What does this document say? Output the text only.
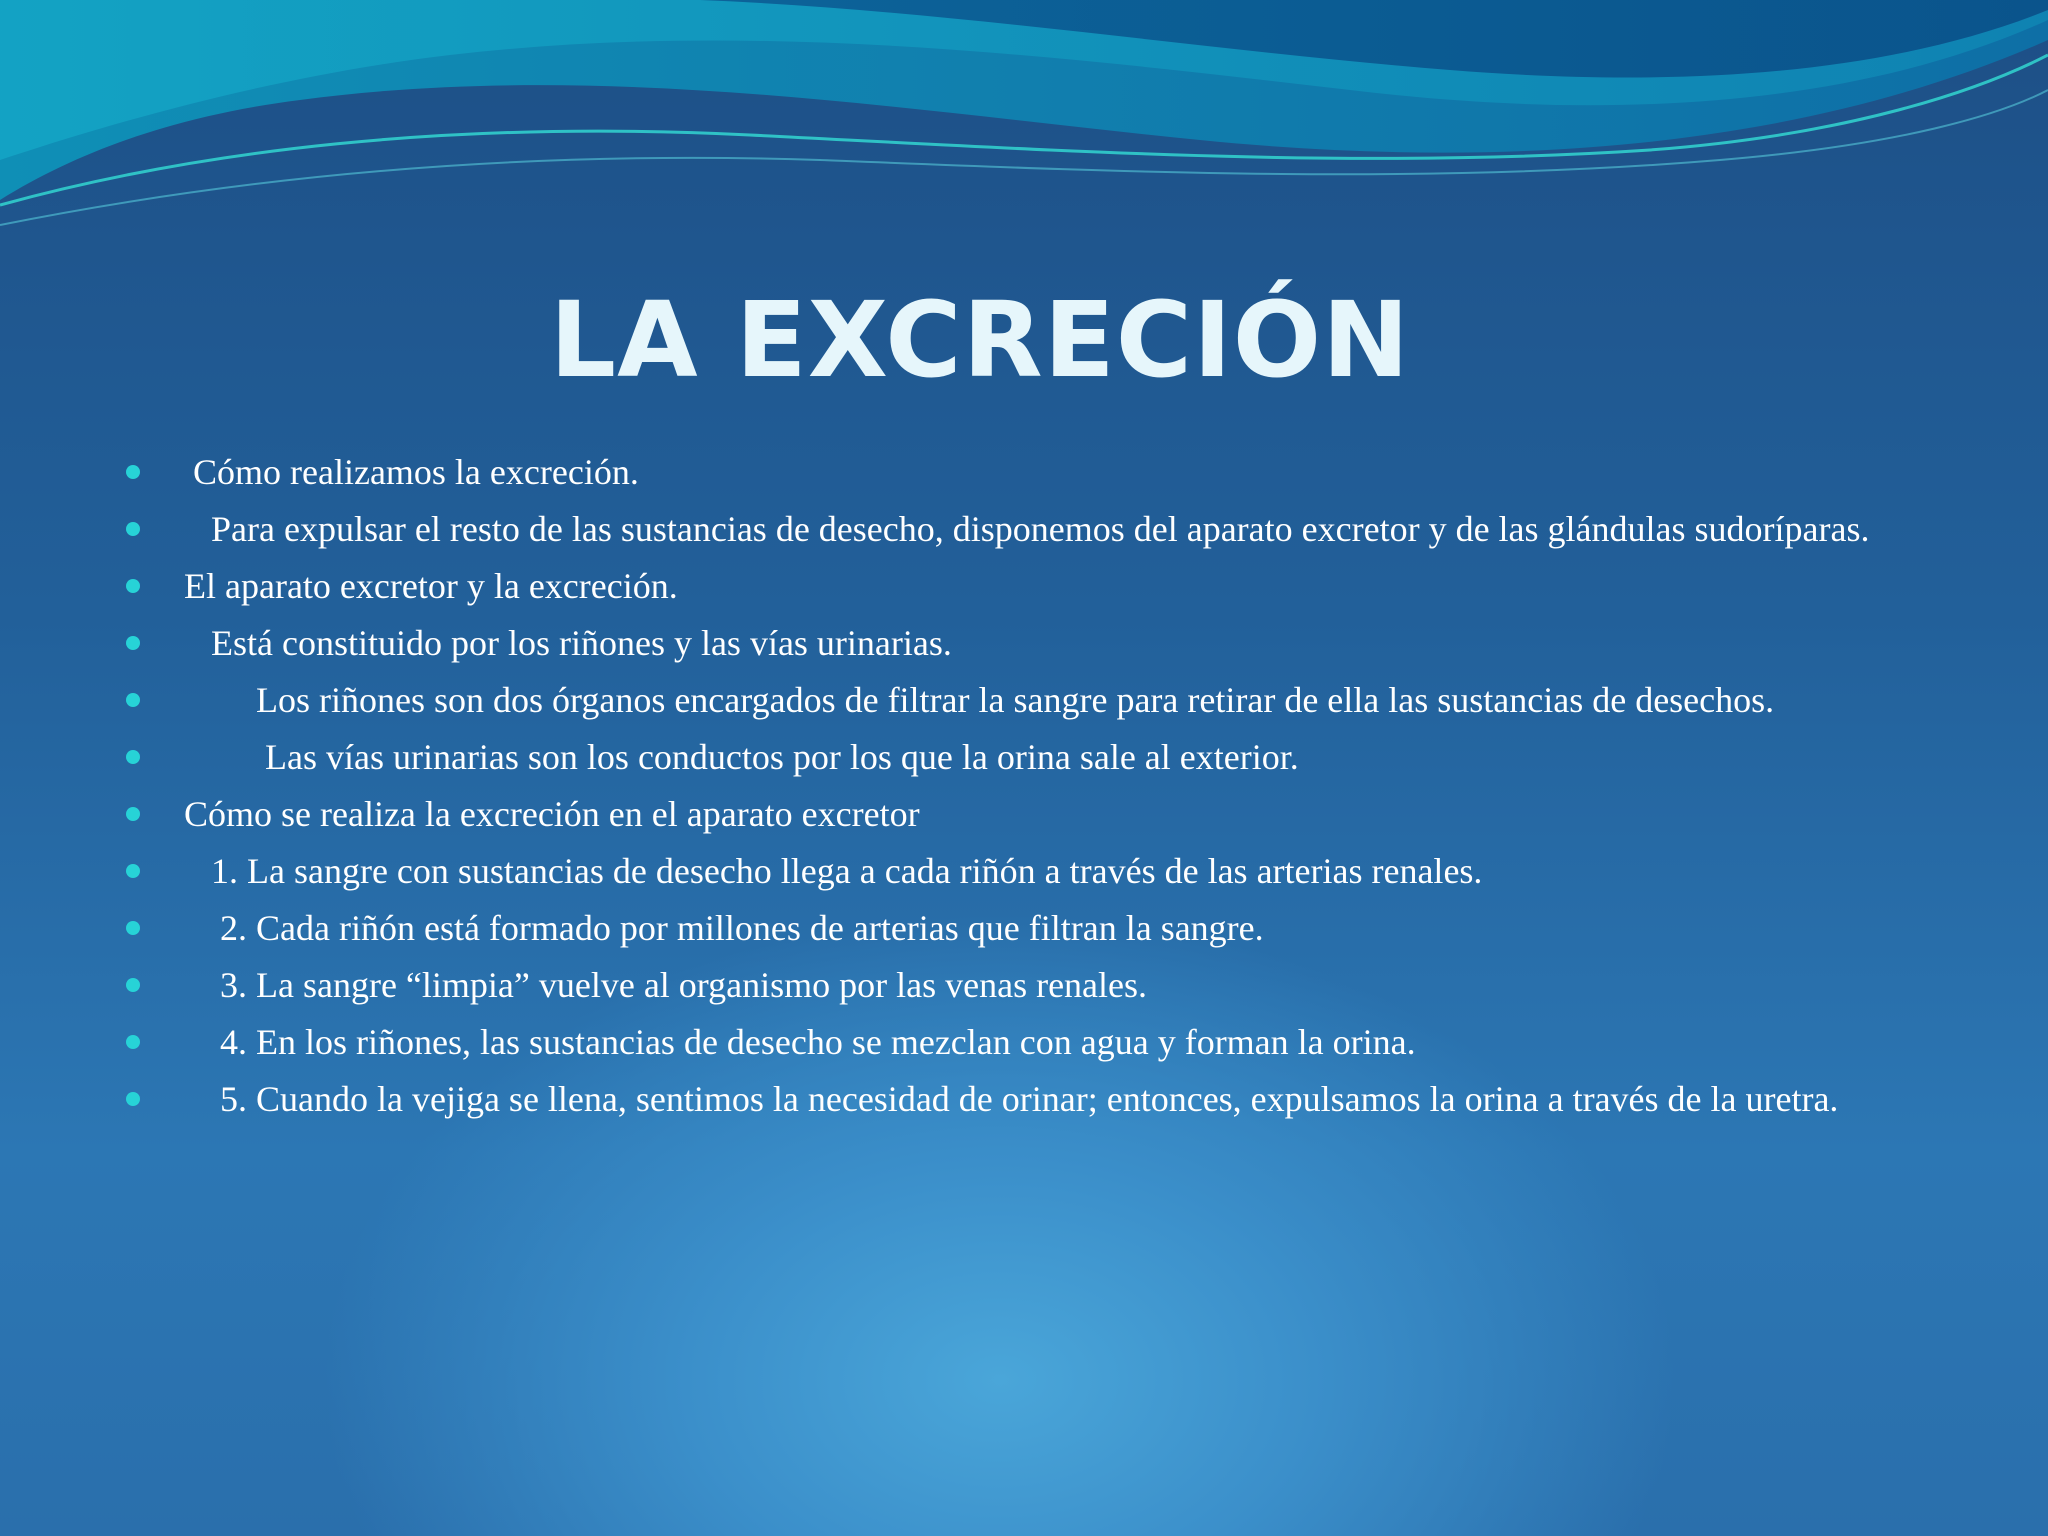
LA EXCRECIÓN
Cómo realizamos la excreción.
Para expulsar el resto de las sustancias de desecho, disponemos del aparato excretor y de las glándulas sudoríparas.
El aparato excretor y la excreción.
Está constituido por los riñones y las vías urinarias.
Los riñones son dos órganos encargados de filtrar la sangre para retirar de ella las sustancias de desechos.
Las vías urinarias son los conductos por los que la orina sale al exterior.
Cómo se realiza la excreción en el aparato excretor
1. La sangre con sustancias de desecho llega a cada riñón a través de las arterias renales.
2. Cada riñón está formado por millones de arterias que filtran la sangre.
3. La sangre “limpia” vuelve al organismo por las venas renales.
4. En los riñones, las sustancias de desecho se mezclan con agua y forman la orina.
5. Cuando la vejiga se llena, sentimos la necesidad de orinar; entonces, expulsamos la orina a través de la uretra.
